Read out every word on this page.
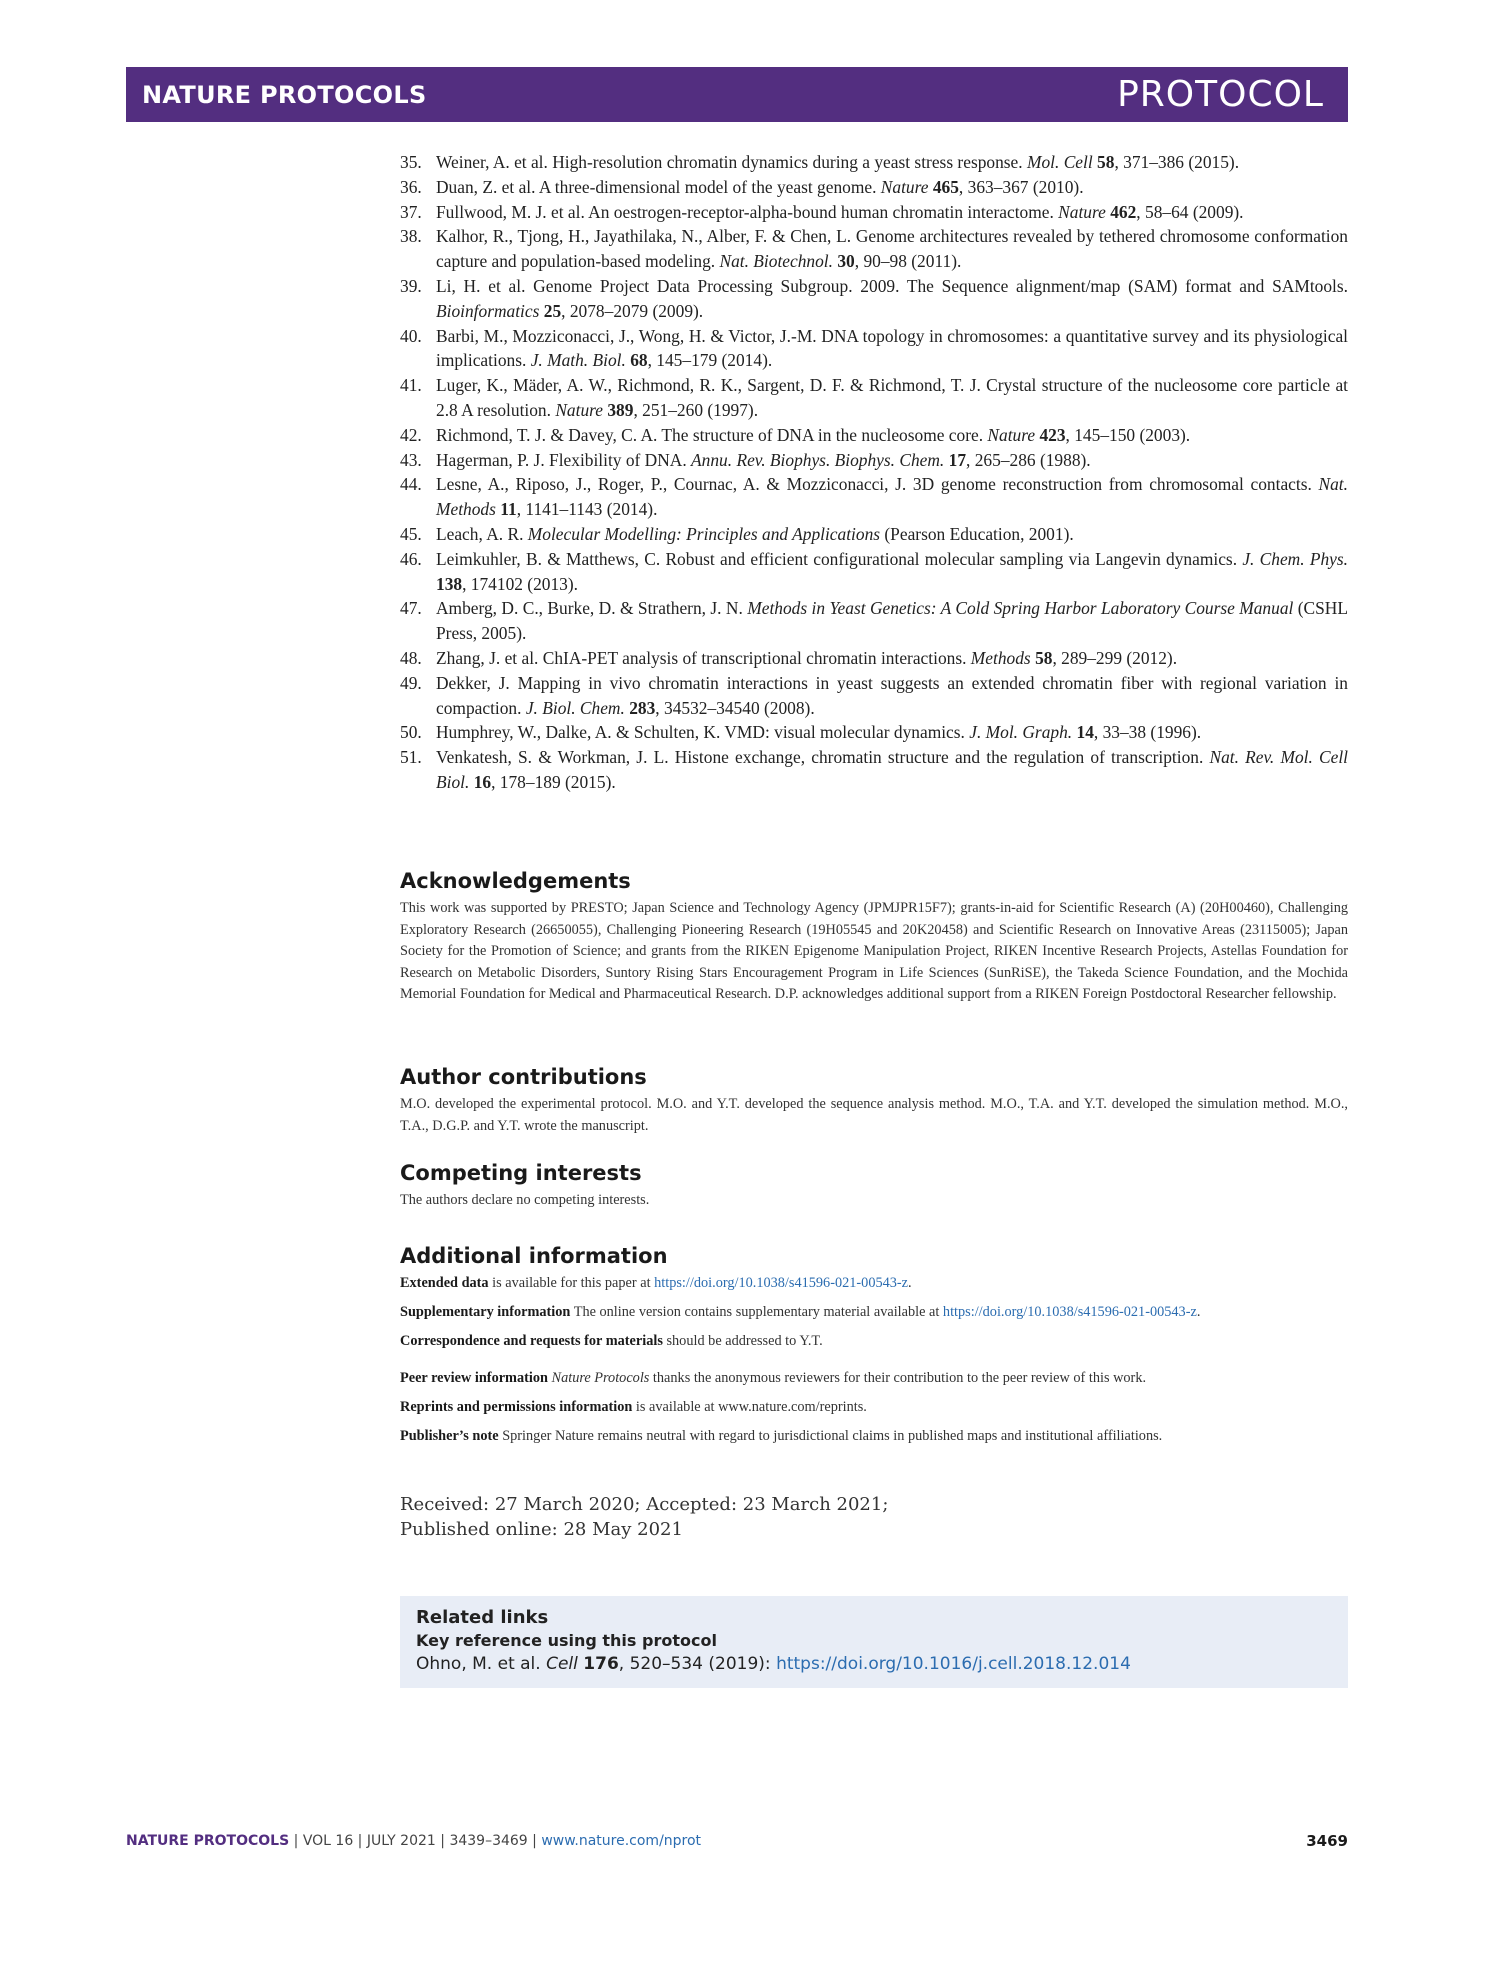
NATURE PROTOCOLS	PROTOCOL
35. Weiner, A. et al. High-resolution chromatin dynamics during a yeast stress response. Mol. Cell 58, 371–386 (2015).
36. Duan, Z. et al. A three-dimensional model of the yeast genome. Nature 465, 363–367 (2010).
37. Fullwood, M. J. et al. An oestrogen-receptor-alpha-bound human chromatin interactome. Nature 462, 58–64 (2009).
38. Kalhor, R., Tjong, H., Jayathilaka, N., Alber, F. & Chen, L. Genome architectures revealed by tethered chromosome conformation capture and population-based modeling. Nat. Biotechnol. 30, 90–98 (2011).
39. Li, H. et al. Genome Project Data Processing Subgroup. 2009. The Sequence alignment/map (SAM) format and SAMtools. Bioinformatics 25, 2078–2079 (2009).
40. Barbi, M., Mozziconacci, J., Wong, H. & Victor, J.-M. DNA topology in chromosomes: a quantitative survey and its physiological implications. J. Math. Biol. 68, 145–179 (2014).
41. Luger, K., Mäder, A. W., Richmond, R. K., Sargent, D. F. & Richmond, T. J. Crystal structure of the nucleosome core particle at 2.8 A resolution. Nature 389, 251–260 (1997).
42. Richmond, T. J. & Davey, C. A. The structure of DNA in the nucleosome core. Nature 423, 145–150 (2003).
43. Hagerman, P. J. Flexibility of DNA. Annu. Rev. Biophys. Biophys. Chem. 17, 265–286 (1988).
44. Lesne, A., Riposo, J., Roger, P., Cournac, A. & Mozziconacci, J. 3D genome reconstruction from chromosomal contacts. Nat. Methods 11, 1141–1143 (2014).
45. Leach, A. R. Molecular Modelling: Principles and Applications (Pearson Education, 2001).
46. Leimkuhler, B. & Matthews, C. Robust and efficient configurational molecular sampling via Langevin dynamics. J. Chem. Phys. 138, 174102 (2013).
47. Amberg, D. C., Burke, D. & Strathern, J. N. Methods in Yeast Genetics: A Cold Spring Harbor Laboratory Course Manual (CSHL Press, 2005).
48. Zhang, J. et al. ChIA-PET analysis of transcriptional chromatin interactions. Methods 58, 289–299 (2012).
49. Dekker, J. Mapping in vivo chromatin interactions in yeast suggests an extended chromatin fiber with regional variation in compaction. J. Biol. Chem. 283, 34532–34540 (2008).
50. Humphrey, W., Dalke, A. & Schulten, K. VMD: visual molecular dynamics. J. Mol. Graph. 14, 33–38 (1996).
51. Venkatesh, S. & Workman, J. L. Histone exchange, chromatin structure and the regulation of transcription. Nat. Rev. Mol. Cell Biol. 16, 178–189 (2015).
Acknowledgements

This work was supported by PRESTO; Japan Science and Technology Agency (JPMJPR15F7); grants-in-aid for Scientific Research (A) (20H00460), Challenging Exploratory Research (26650055), Challenging Pioneering Research (19H05545 and 20K20458) and Scientific Research on Innovative Areas (23115005); Japan Society for the Promotion of Science; and grants from the RIKEN Epigenome Manipulation Project, RIKEN Incentive Research Projects, Astellas Foundation for Research on Metabolic Disorders, Suntory Rising Stars Encouragement Program in Life Sciences (SunRiSE), the Takeda Science Foundation, and the Mochida Memorial Foundation for Medical and Pharmaceutical Research. D.P. acknowledges additional support from a RIKEN Foreign Postdoctoral Researcher fellowship.

Author contributions

M.O. developed the experimental protocol. M.O. and Y.T. developed the sequence analysis method. M.O., T.A. and Y.T. developed the simulation method. M.O., T.A., D.G.P. and Y.T. wrote the manuscript.

Competing interests

The authors declare no competing interests.

Additional information

Extended data is available for this paper at https://doi.org/10.1038/s41596-021-00543-z.

Supplementary information The online version contains supplementary material available at https://doi.org/10.1038/s41596-021-00543-z.

Correspondence and requests for materials should be addressed to Y.T.

Peer review information Nature Protocols thanks the anonymous reviewers for their contribution to the peer review of this work.

Reprints and permissions information is available at www.nature.com/reprints.

Publisher’s note Springer Nature remains neutral with regard to jurisdictional claims in published maps and institutional affiliations.

Received: 27 March 2020; Accepted: 23 March 2021;
Published online: 28 May 2021
Related links
Key reference using this protocol
Ohno, M. et al. Cell 176, 520–534 (2019): https://doi.org/10.1016/j.cell.2018.12.014
NATURE PROTOCOLS | VOL 16 | JULY 2021 | 3439–3469 | www.nature.com/nprot	3469
